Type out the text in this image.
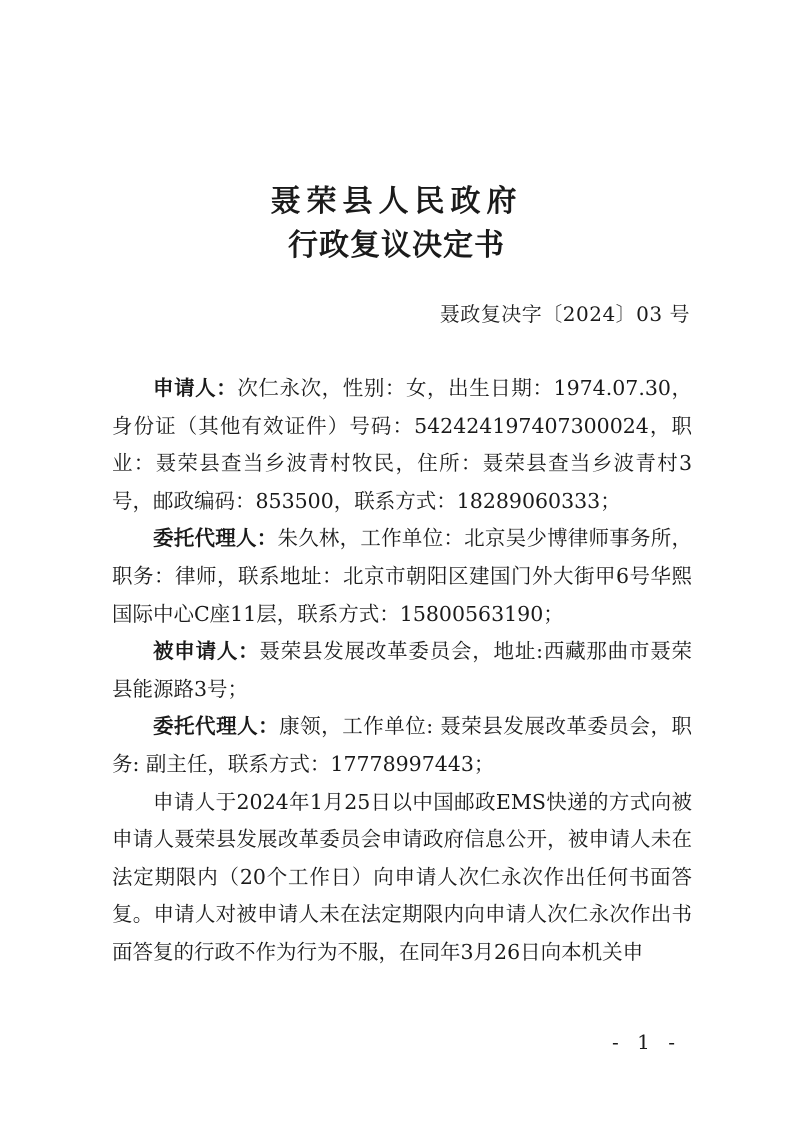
聂荣县人民政府
行政复议决定书
聂政复决字〔2024〕03 号

申请人：次仁永次，性别：女，出生日期：1974.07.30，身份证（其他有效证件）号码：542424197407300024，职业：聂荣县查当乡波青村牧民，住所：聂荣县查当乡波青村3号，邮政编码：853500，联系方式：18289060333；

委托代理人：朱久林，工作单位：北京吴少博律师事务所，职务：律师，联系地址：北京市朝阳区建国门外大街甲6号华熙国际中心C座11层，联系方式：15800563190；

被申请人：聂荣县发展改革委员会，地址:西藏那曲市聂荣县能源路3号；

委托代理人：康领，工作单位: 聂荣县发展改革委员会，职务: 副主任，联系方式：17778997443；

申请人于2024年1月25日以中国邮政EMS快递的方式向被申请人聂荣县发展改革委员会申请政府信息公开，被申请人未在法定期限内（20个工作日）向申请人次仁永次作出任何书面答复。申请人对被申请人未在法定期限内向申请人次仁永次作出书面答复的行政不作为行为不服，在同年3月26日向本机关申

- 1 -
